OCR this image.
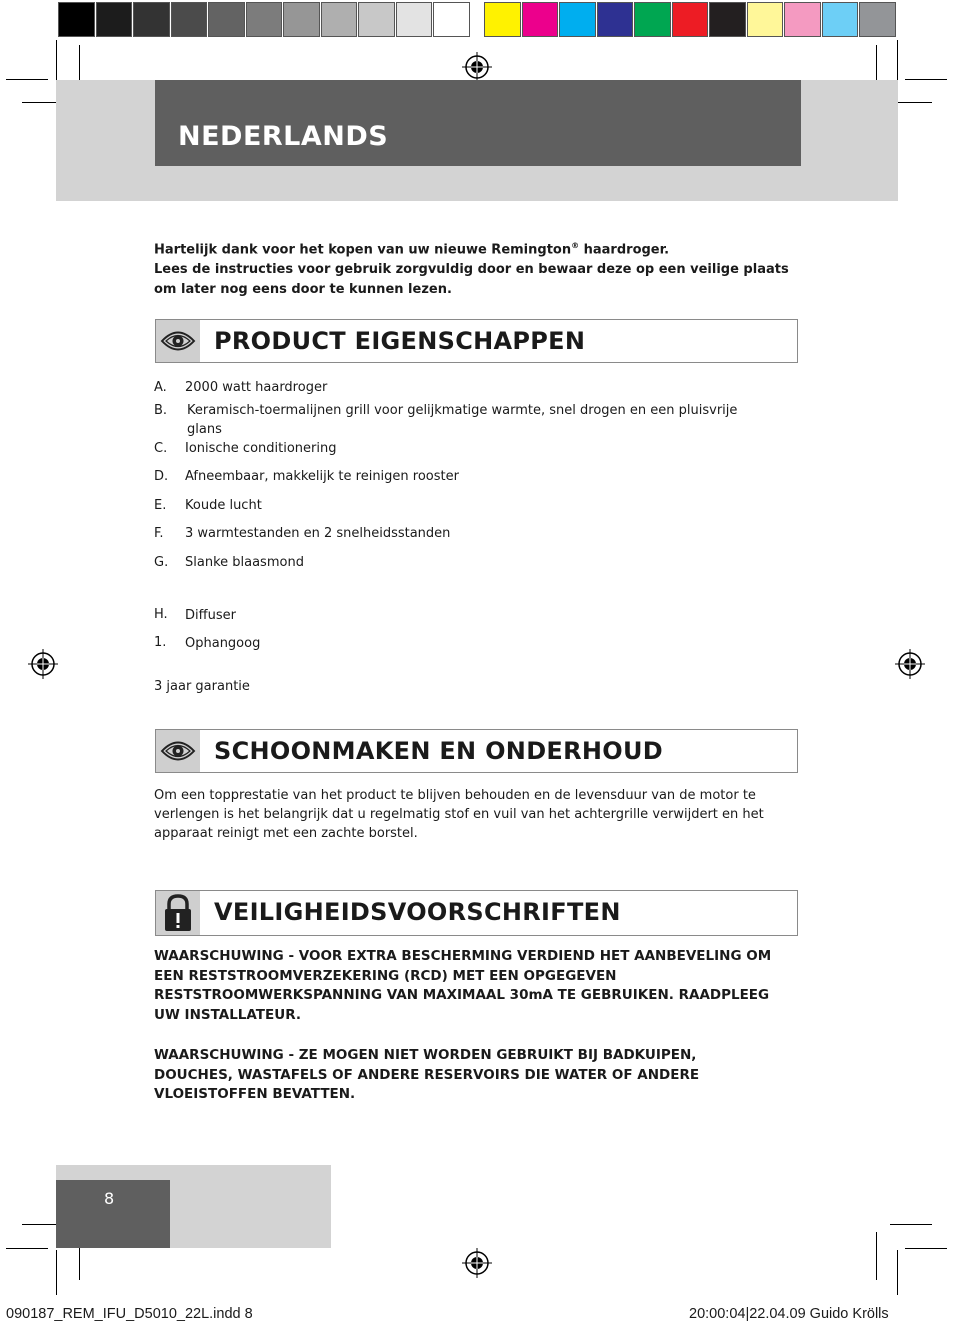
NEDERLANDS

Hartelijk dank voor het kopen van uw nieuwe Remington® haardroger.

Lees de instructies voor gebruik zorgvuldig door en bewaar deze op een veilige plaats om later nog eens door te kunnen lezen.

PRODUCT EIGENSCHAPPEN
A. 2000 watt haardroger
B. Keramisch-toermalijnen grill voor gelijkmatige warmte, snel drogen en een pluisvrije glans
C. Ionische conditionering
D. Afneembaar, makkelijk te reinigen rooster
E. Koude lucht
F. 3 warmtestanden en 2 snelheidsstanden
G. Slanke blaasmond
H. Diffuser
1. Ophangoog
3 jaar garantie
SCHOONMAKEN EN ONDERHOUD
Om een topprestatie van het product te blijven behouden en de levensduur van de motor te verlengen is het belangrijk dat u regelmatig stof en vuil van het achtergrille verwijdert en het apparaat reinigt met een zachte borstel.
VEILIGHEIDSVOORSCHRIFTEN
WAARSCHUWING - VOOR EXTRA BESCHERMING VERDIEND HET AANBEVELING OM EEN RESTSTROOMVERZEKERING (RCD) MET EEN OPGEGEVEN RESTSTROOMWERKSPANNING VAN MAXIMAAL 30mA TE GEBRUIKEN. RAADPLEEG UW INSTALLATEUR.
WAARSCHUWING - ZE MOGEN NIET WORDEN GEBRUIKT BIJ BADKUIPEN, DOUCHES, WASTAFELS OF ANDERE RESERVOIRS DIE WATER OF ANDERE VLOEISTOFFEN BEVATTEN.
8
090187_REM_IFU_D5010_22L.indd 8	20:00:04|22.04.09 Guido Krölls
